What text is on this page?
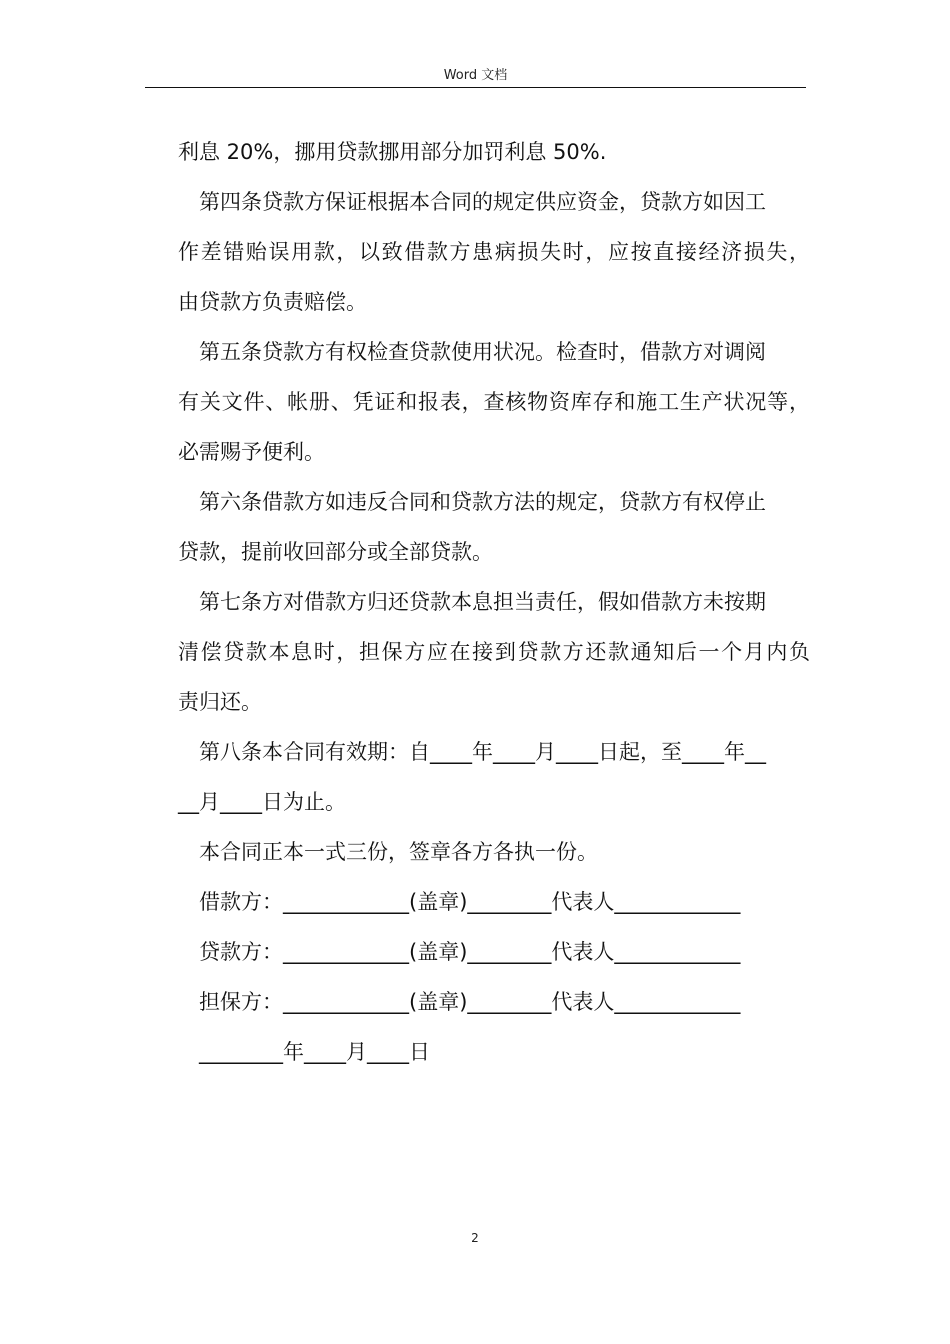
Word 文档
利息 20%，挪用贷款挪用部分加罚利息 50%.
第四条贷款方保证根据本合同的规定供应资金，贷款方如因工
作差错贻误用款，以致借款方患病损失时，应按直接经济损失，
由贷款方负责赔偿。
第五条贷款方有权检查贷款使用状况。检查时，借款方对调阅
有关文件、帐册、凭证和报表，查核物资库存和施工生产状况等，
必需赐予便利。
第六条借款方如违反合同和贷款方法的规定，贷款方有权停止
贷款，提前收回部分或全部贷款。
第七条方对借款方归还贷款本息担当责任，假如借款方未按期
清偿贷款本息时，担保方应在接到贷款方还款通知后一个月内负
责归还。
第八条本合同有效期：自____年____月____日起，至____年__
__月____日为止。
本合同正本一式三份，签章各方各执一份。
借款方：____________(盖章)________代表人____________
贷款方：____________(盖章)________代表人____________
担保方：____________(盖章)________代表人____________
________年____月____日
2
